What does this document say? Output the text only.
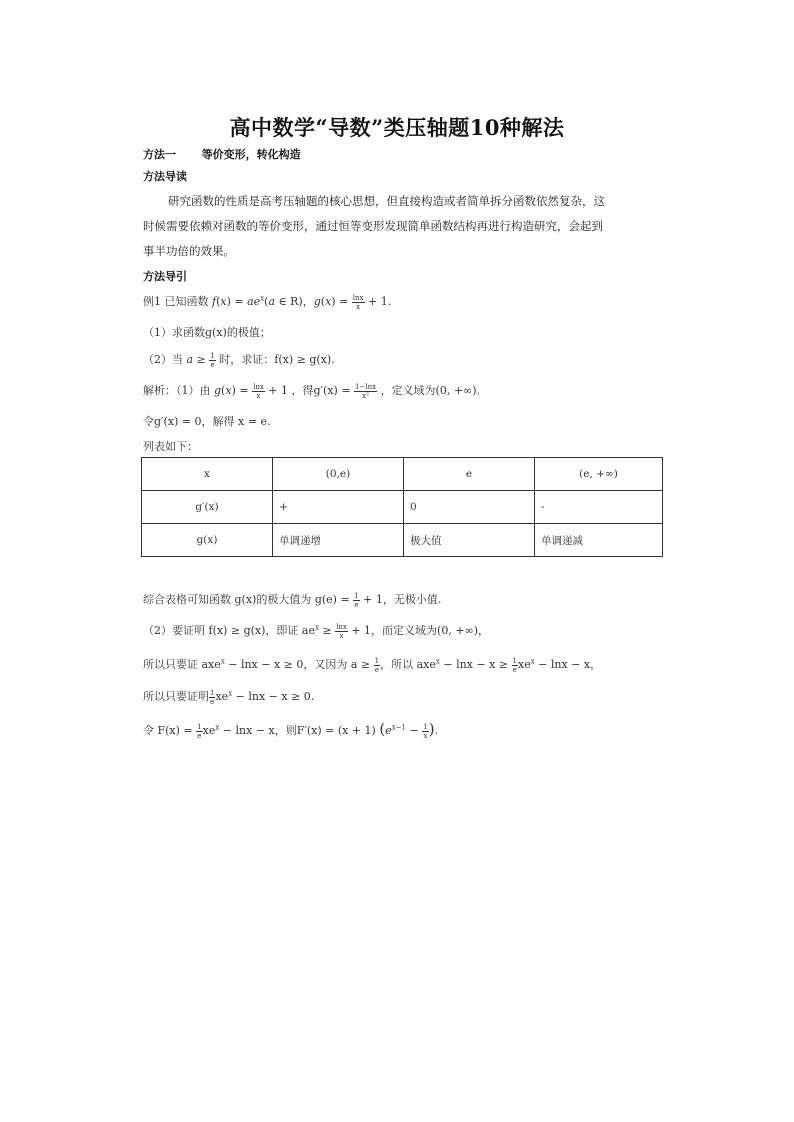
高中数学“导数”类压轴题10种解法
方法一 等价变形，转化构造
方法导读
研究函数的性质是高考压轴题的核心思想，但直接构造或者简单拆分函数依然复杂，这
时候需要依赖对函数的等价变形，通过恒等变形发现简单函数结构再进行构造研究，会起到
事半功倍的效果。
方法导引
例1 已知函数 $f(x) = ae^x(a$ ∈ R)，$g(x) = \frac{\ln x}{x} + 1$.
（1）求函数g(x)的极值；
（2）当 $a \ge \frac{1}{e}$ 时，求证：f(x) ≥ g(x).
解析：（1）由 $g(x) = \frac{\ln x}{x} + 1$ ，得$g'(x) = \frac{1-\ln x}{\text{x²}}$ ，定义域为(0, +∞).
令g′(x) = 0，解得 x = e.
列表如下：
x	(0,e)	e	(e, +∞)
g′(x)	+	0	-
g(x)	单调递增	极大值	单调递减
综合表格可知函数 g(x)的极大值为 $g(e) = \frac{1}{e} + 1$，无极小值.
（2）要证明 f(x) ≥ g(x)，即证 $ae^x \ge \frac{\ln x}{x} + 1$，而定义域为(0, +∞)，
所以只要证 axe$^x$ − lnx − x ≥ 0，又因为 $a \ge \frac{1}{e}$ ，所以 $axe^x - \ln x - x \ge \frac{1}{e} xe^x - \ln x - x$，
所以只要证明 $\frac{1}{e} xe^x - \ln x - x \ge 0$.
令 $F(x) = \frac{1}{e} xe^x - \ln x - x$，则F′(x) = (x + 1) ($e^{x-1} - \frac{1}{x}$ ).
